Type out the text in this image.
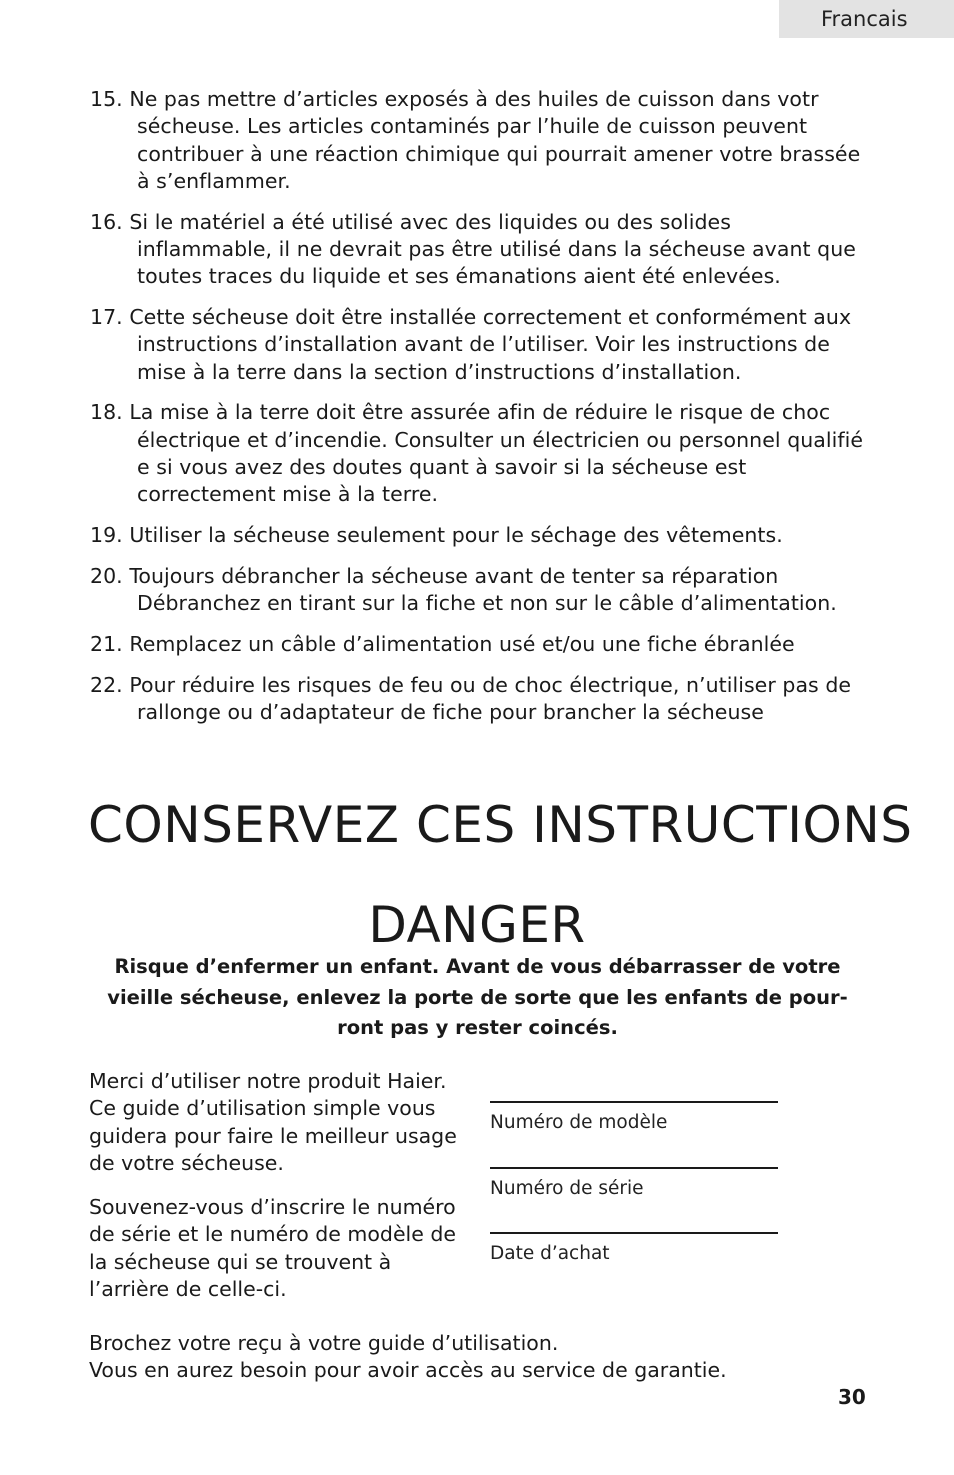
Francais
15. Ne pas mettre d’articles exposés à des huiles de cuisson dans votr séchеuse. Les articles contaminés par l’huile de cuisson peuvent contribuer à une réaction chimique qui pourrait amener votre brassée à s’enflammer.
16. Si le matériel a été utilisé avec des liquides ou des solides inflammable, il ne devrait pas être utilisé dans la sécheuse avant que toutes traces du liquide et ses émanations aient été enlevées.
17. Cette sécheuse doit être installée correctement et conformément aux instructions d’installation avant de l’utiliser. Voir les instructions de mise à la terre dans la section d’instructions d’installation.
18. La mise à la terre doit être assurée afin de réduire le risque de choc électrique et d’incendie. Consulter un électricien ou personnel qualifié e si vous avez des doutes quant à savoir si la sécheuse est correctement mise à la terre.
19. Utiliser la sécheuse seulement pour le séchage des vêtements.
20. Toujours débrancher la sécheuse avant de tenter sa réparation Débranchez en tirant sur la fiche et non sur le câble d’alimentation.
21. Remplacez un câble d’alimentation usé et/ou une fiche ébranlée
22. Pour réduire les risques de feu ou de choc électrique, n’utiliser pas de rallonge ou d’adaptateur de fiche pour brancher la sécheuse
CONSERVEZ CES INSTRUCTIONS
DANGER

Risque d’enfermer un enfant. Avant de vous débarrasser de votre vieille sécheuse, enlevez la porte de sorte que les enfants de pour-ront pas y rester coincés.

Merci d’utiliser notre produit Haier. Ce guide d’utilisation simple vous guidera pour faire le meilleur usage de votre sécheuse.

Souvenez-vous d’inscrire le numéro de série et le numéro de modèle de la sécheuse qui se trouvent à l’arrière de celle-ci.

Numéro de modèle
Numéro de série
Date d’achat

Brochez votre reçu à votre guide d’utilisation.

Vous en aurez besoin pour avoir accès au service de garantie.

30
